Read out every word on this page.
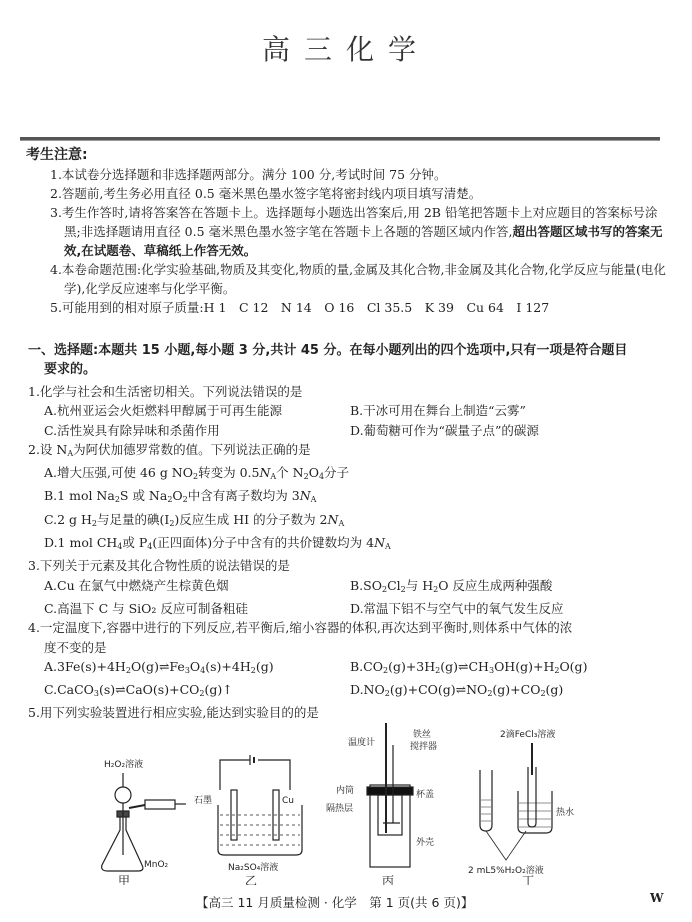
高三化学
考生注意:
1.本试卷分选择题和非选择题两部分。满分 100 分,考试时间 75 分钟。
2.答题前,考生务必用直径 0.5 毫米黑色墨水签字笔将密封线内项目填写清楚。
3.考生作答时,请将答案答在答题卡上。选择题每小题选出答案后,用 2B 铅笔把答题卡上对应题目的答案标号涂黑;非选择题请用直径 0.5 毫米黑色墨水签字笔在答题卡上各题的答题区域内作答,超出答题区域书写的答案无效,在试题卷、草稿纸上作答无效。
4.本卷命题范围:化学实验基础,物质及其变化,物质的量,金属及其化合物,非金属及其化合物,化学反应与能量(电化学),化学反应速率与化学平衡。
5.可能用到的相对原子质量:H 1　C 12　N 14　O 16　Cl 35.5　K 39　Cu 64　I 127
一、选择题:本题共 15 小题,每小题 3 分,共计 45 分。在每小题列出的四个选项中,只有一项是符合题目
要求的。
1.化学与社会和生活密切相关。下列说法错误的是
A.杭州亚运会火炬燃料甲醇属于可再生能源	B.干冰可用在舞台上制造“云雾”
C.活性炭具有除异味和杀菌作用	D.葡萄糖可作为“碳量子点”的碳源
2.设 $N_A$为阿伏加德罗常数的值。下列说法正确的是
A.增大压强,可使 46 g $NO_2$转变为 $0.5N_A$个 $N_2O_4$分子
B.1 mol $Na_2S$ 或 $Na_2O_2$中含有离子数均为 $3N_A$
C.2 g $H_2$与足量的碘$(I_2)$反应生成 HI 的分子数为 $2N_A$
D.1 mol $CH_4$或 $P_4$(正四面体)分子中含有的共价键数均为 $4N_A$
3.下列关于元素及其化合物性质的说法错误的是
A.Cu 在氯气中燃烧产生棕黄色烟	$B.SO_2Cl_2$与 $H_2O$ 反应生成两种强酸
C.高温下 C 与 SiO₂ 反应可制备粗硅	D.常温下铝不与空气中的氧气发生反应
4.一定温度下,容器中进行的下列反应,若平衡后,缩小容器的体积,再次达到平衡时,则体系中气体的浓
度不变的是
$A.3Fe(s)+4H_2O(g)\rightleftharpoons Fe_3O_4(s)+4H_2(g)$	$B.CO_2(g)+3H_2(g)\rightleftharpoons CH_3OH(g)+H_2O(g)$
$C.CaCO_3(s)\rightleftharpoons CaO(s)+CO_2(g)↑$	$D.NO_2(g)+CO(g)\rightleftharpoons NO_2(g)+CO_2(g)$
5.用下列实验装置进行相应实验,能达到实验目的的是
H₂O₂溶液
MnO₂
甲
石墨	Cu
Na₂SO₄溶液
乙
温度计
铁丝
搅拌器
内筒
隔热层
杯盖
外壳
丙
2滴FeCl₃溶液
热水
2 mL5%H₂O₂溶液
丁
【高三 11 月质量检测 · 化学　第 1 页(共 6 页)】	W
